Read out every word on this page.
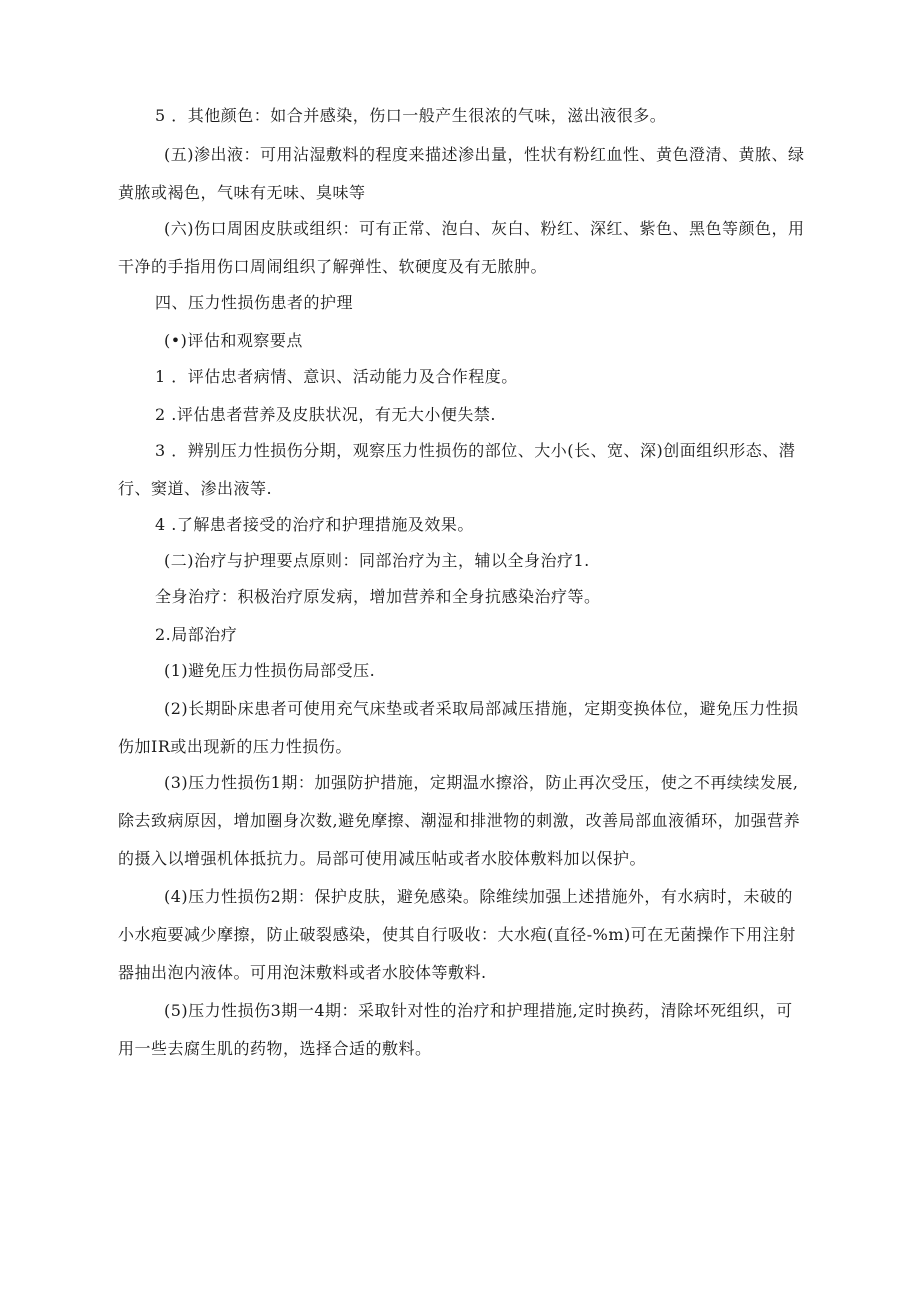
5 ．其他颜色：如合并感染，伤口一般产生很浓的气味，滋出液很多。

(五)渗出液：可用沾湿敷料的程度来描述渗出量，性状有粉红血性、黄色澄清、黄脓、绿黄脓或褐色，气味有无味、臭味等

(六)伤口周困皮肤或组织：可有正常、泡白、灰白、粉红、深红、紫色、黑色等颜色，用干净的手指用伤口周闹组织了解弹性、软硬度及有无脓肿。

四、压力性损伤患者的护理

(•)评估和观察要点

1 ．评估忠者病情、意识、活动能力及合作程度。

2 .评估患者营养及皮肤状况，有无大小便失禁.

3 ．辨别压力性损伤分期，观察压力性损伤的部位、大小(长、宽、深)创面组织形态、潜行、窦道、渗出液等.

4 .了解患者接受的治疗和护理措施及效果。

(二)治疗与护理要点原则：同部治疗为主，辅以全身治疗1.

全身治疗：积极治疗原发病，增加营养和全身抗感染治疗等。

2.局部治疗

(1)避免压力性损伤局部受压.

(2)长期卧床患者可使用充气床垫或者采取局部减压措施，定期变换体位，避免压力性损伤加IR或出现新的压力性损伤。

(3)压力性损伤1期：加强防护措施，定期温水擦浴，防止再次受压，使之不再续续发展,除去致病原因，增加圈身次数,避免摩擦、潮湿和排泄物的刺激，改善局部血液循环，加强营养的摄入以增强机体抵抗力。局部可使用减压帖或者水胶体敷料加以保护。

(4)压力性损伤2期：保护皮肤，避免感染。除维续加强上述措施外，有水病时，未破的小水疱要减少摩擦，防止破裂感染，使其自行吸收：大水疱(直径-%m)可在无菌操作下用注射器抽出泡内液体。可用泡沫敷料或者水胶体等敷料.

(5)压力性损伤3期一4期：采取针对性的治疗和护理措施,定时换药，清除坏死组织，可用一些去腐生肌的药物，选择合适的敷料。
